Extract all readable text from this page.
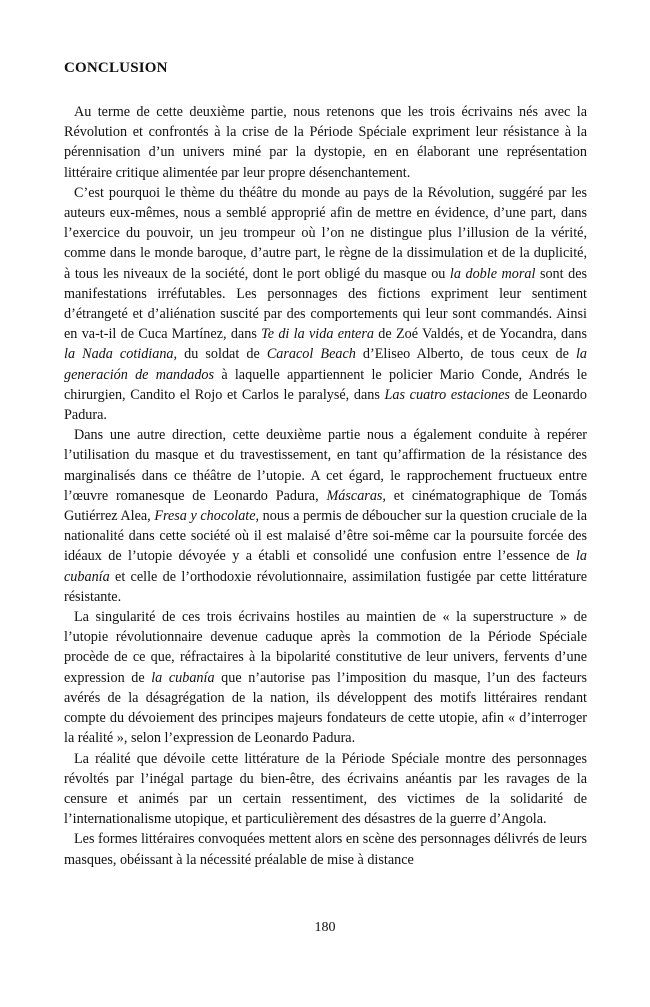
CONCLUSION

Au terme de cette deuxième partie, nous retenons que les trois écrivains nés avec la Révolution et confrontés à la crise de la Période Spéciale expriment leur résistance à la pérennisation d’un univers miné par la dystopie, en en élaborant une représentation littéraire critique alimentée par leur propre désenchantement.

C’est pourquoi le thème du théâtre du monde au pays de la Révolution, suggéré par les auteurs eux-mêmes, nous a semblé approprié afin de mettre en évidence, d’une part, dans l’exercice du pouvoir, un jeu trompeur où l’on ne distingue plus l’illusion de la vérité, comme dans le monde baroque, d’autre part, le règne de la dissimulation et de la duplicité, à tous les niveaux de la société, dont le port obligé du masque ou la doble moral sont des manifestations irréfutables. Les personnages des fictions expriment leur sentiment d’étrangeté et d’aliénation suscité par des comportements qui leur sont commandés. Ainsi en va-t-il de Cuca Martínez, dans Te di la vida entera de Zoé Valdés, et de Yocandra, dans la Nada cotidiana, du soldat de Caracol Beach d’Eliseo Alberto, de tous ceux de la generación de mandados à laquelle appartiennent le policier Mario Conde, Andrés le chirurgien, Candito el Rojo et Carlos le paralysé, dans Las cuatro estaciones de Leonardo Padura.

Dans une autre direction, cette deuxième partie nous a également conduite à repérer l’utilisation du masque et du travestissement, en tant qu’affirmation de la résistance des marginalisés dans ce théâtre de l’utopie. A cet égard, le rapprochement fructueux entre l’œuvre romanesque de Leonardo Padura, Máscaras, et cinématographique de Tomás Gutiérrez Alea, Fresa y chocolate, nous a permis de déboucher sur la question cruciale de la nationalité dans cette société où il est malaisé d’être soi-même car la poursuite forcée des idéaux de l’utopie dévoyée y a établi et consolidé une confusion entre l’essence de la cubanía et celle de l’orthodoxie révolutionnaire, assimilation fustigée par cette littérature résistante.

La singularité de ces trois écrivains hostiles au maintien de « la superstructure » de l’utopie révolutionnaire devenue caduque après la commotion de la Période Spéciale procède de ce que, réfractaires à la bipolarité constitutive de leur univers, fervents d’une expression de la cubanía que n’autorise pas l’imposition du masque, l’un des facteurs avérés de la désagrégation de la nation, ils développent des motifs littéraires rendant compte du dévoiement des principes majeurs fondateurs de cette utopie, afin « d’interroger la réalité », selon l’expression de Leonardo Padura.

La réalité que dévoile cette littérature de la Période Spéciale montre des personnages révoltés par l’inégal partage du bien-être, des écrivains anéantis par les ravages de la censure et animés par un certain ressentiment, des victimes de la solidarité de l’internationalisme utopique, et particulièrement des désastres de la guerre d’Angola.

Les formes littéraires convoquées mettent alors en scène des personnages délivrés de leurs masques, obéissant à la nécessité préalable de mise à distance

180
